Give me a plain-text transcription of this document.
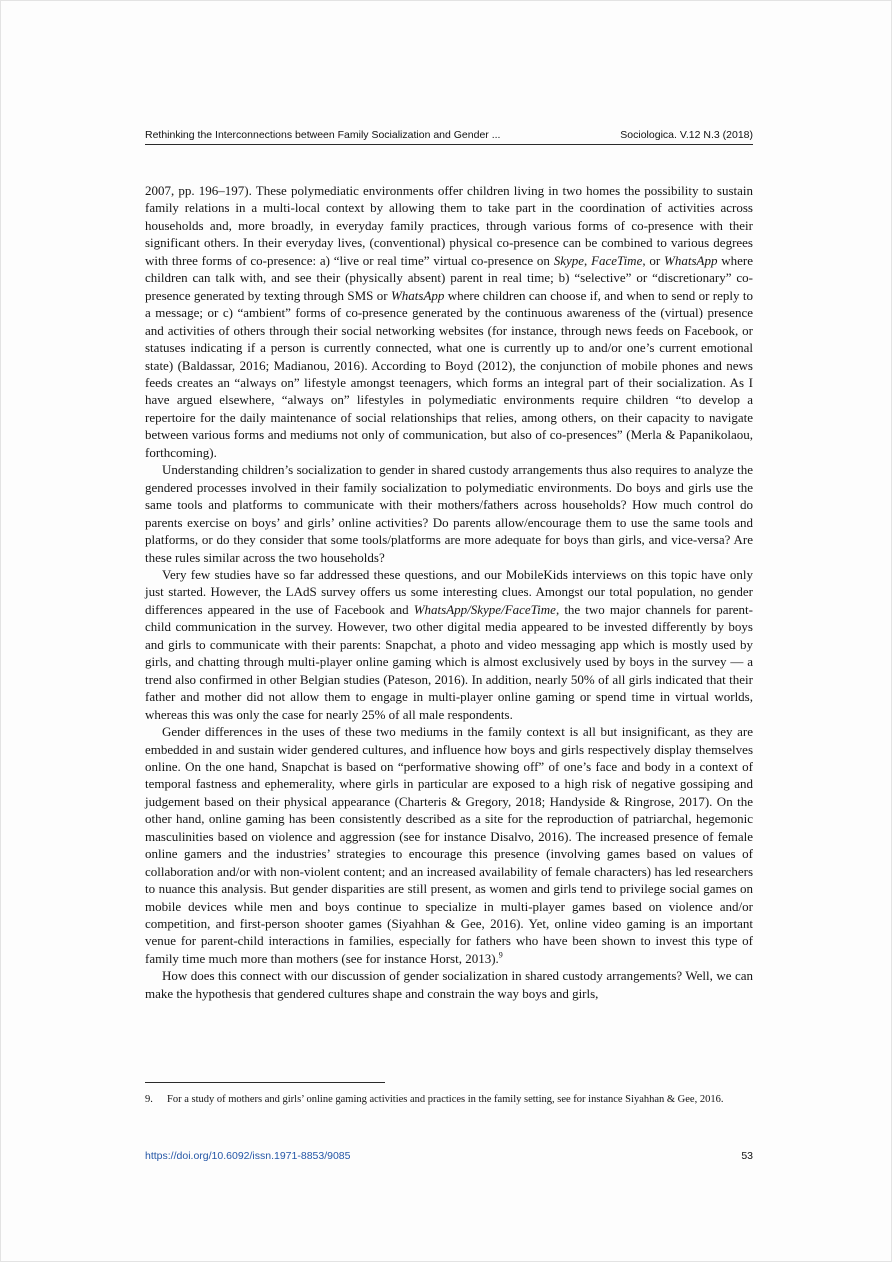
Rethinking the Interconnections between Family Socialization and Gender ...	Sociologica. V.12 N.3 (2018)

2007, pp. 196–197). These polymediatic environments offer children living in two homes the possibility to sustain family relations in a multi-local context by allowing them to take part in the coordination of activities across households and, more broadly, in everyday family practices, through various forms of co-presence with their significant others. In their everyday lives, (conventional) physical co-presence can be combined to various degrees with three forms of co-presence: a) “live or real time” virtual co-presence on Skype, FaceTime, or WhatsApp where children can talk with, and see their (physically absent) parent in real time; b) “selective” or “discretionary” co-presence generated by texting through SMS or WhatsApp where children can choose if, and when to send or reply to a message; or c) “ambient” forms of co-presence generated by the continuous awareness of the (virtual) presence and activities of others through their social networking websites (for instance, through news feeds on Facebook, or statuses indicating if a person is currently connected, what one is currently up to and/or one’s current emotional state) (Baldassar, 2016; Madianou, 2016). According to Boyd (2012), the conjunction of mobile phones and news feeds creates an “always on” lifestyle amongst teenagers, which forms an integral part of their socialization. As I have argued elsewhere, “always on” lifestyles in polymediatic environments require children “to develop a repertoire for the daily maintenance of social relationships that relies, among others, on their capacity to navigate between various forms and mediums not only of communication, but also of co-presences” (Merla & Papanikolaou, forthcoming).

Understanding children’s socialization to gender in shared custody arrangements thus also requires to analyze the gendered processes involved in their family socialization to polymediatic environments. Do boys and girls use the same tools and platforms to communicate with their mothers/fathers across households? How much control do parents exercise on boys’ and girls’ online activities? Do parents allow/encourage them to use the same tools and platforms, or do they consider that some tools/platforms are more adequate for boys than girls, and vice-versa? Are these rules similar across the two households?

Very few studies have so far addressed these questions, and our MobileKids interviews on this topic have only just started. However, the LAdS survey offers us some interesting clues. Amongst our total population, no gender differences appeared in the use of Facebook and WhatsApp/Skype/FaceTime, the two major channels for parent-child communication in the survey. However, two other digital media appeared to be invested differently by boys and girls to communicate with their parents: Snapchat, a photo and video messaging app which is mostly used by girls, and chatting through multi-player online gaming which is almost exclusively used by boys in the survey — a trend also confirmed in other Belgian studies (Pateson, 2016). In addition, nearly 50% of all girls indicated that their father and mother did not allow them to engage in multi-player online gaming or spend time in virtual worlds, whereas this was only the case for nearly 25% of all male respondents.

Gender differences in the uses of these two mediums in the family context is all but insignificant, as they are embedded in and sustain wider gendered cultures, and influence how boys and girls respectively display themselves online. On the one hand, Snapchat is based on “performative showing off” of one’s face and body in a context of temporal fastness and ephemerality, where girls in particular are exposed to a high risk of negative gossiping and judgement based on their physical appearance (Charteris & Gregory, 2018; Handyside & Ringrose, 2017). On the other hand, online gaming has been consistently described as a site for the reproduction of patriarchal, hegemonic masculinities based on violence and aggression (see for instance Disalvo, 2016). The increased presence of female online gamers and the industries’ strategies to encourage this presence (involving games based on values of collaboration and/or with non-violent content; and an increased availability of female characters) has led researchers to nuance this analysis. But gender disparities are still present, as women and girls tend to privilege social games on mobile devices while men and boys continue to specialize in multi-player games based on violence and/or competition, and first-person shooter games (Siyahhan & Gee, 2016). Yet, online video gaming is an important venue for parent-child interactions in families, especially for fathers who have been shown to invest this type of family time much more than mothers (see for instance Horst, 2013).$^9$

How does this connect with our discussion of gender socialization in shared custody arrangements? Well, we can make the hypothesis that gendered cultures shape and constrain the way boys and girls,

9. For a study of mothers and girls’ online gaming activities and practices in the family setting, see for instance Siyahhan & Gee, 2016.
https://doi.org/10.6092/issn.1971-8853/9085	53
